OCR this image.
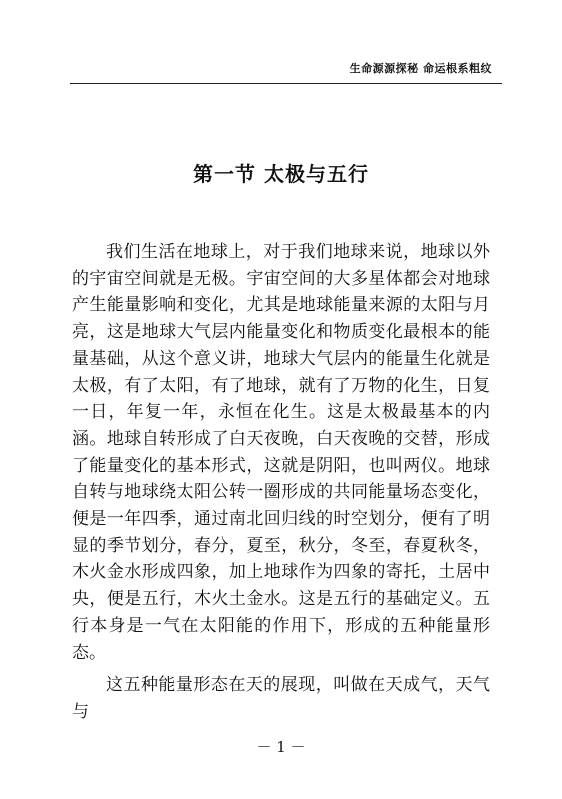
生命源源探秘 命运根系粗纹
第一节 太极与五行

我们生活在地球上，对于我们地球来说，地球以外的宇宙空间就是无极。宇宙空间的大多星体都会对地球产生能量影响和变化，尤其是地球能量来源的太阳与月亮，这是地球大气层内能量变化和物质变化最根本的能量基础，从这个意义讲，地球大气层内的能量生化就是太极，有了太阳，有了地球，就有了万物的化生，日复一日，年复一年，永恒在化生。这是太极最基本的内涵。地球自转形成了白天夜晚，白天夜晚的交替，形成了能量变化的基本形式，这就是阴阳，也叫两仪。地球自转与地球绕太阳公转一圈形成的共同能量场态变化，便是一年四季，通过南北回归线的时空划分，便有了明显的季节划分，春分，夏至，秋分，冬至，春夏秋冬，木火金水形成四象，加上地球作为四象的寄托，土居中央，便是五行，木火土金水。这是五行的基础定义。五行本身是一气在太阳能的作用下，形成的五种能量形态。

这五种能量形态在天的展现，叫做在天成气，天气与

－ 1 －
